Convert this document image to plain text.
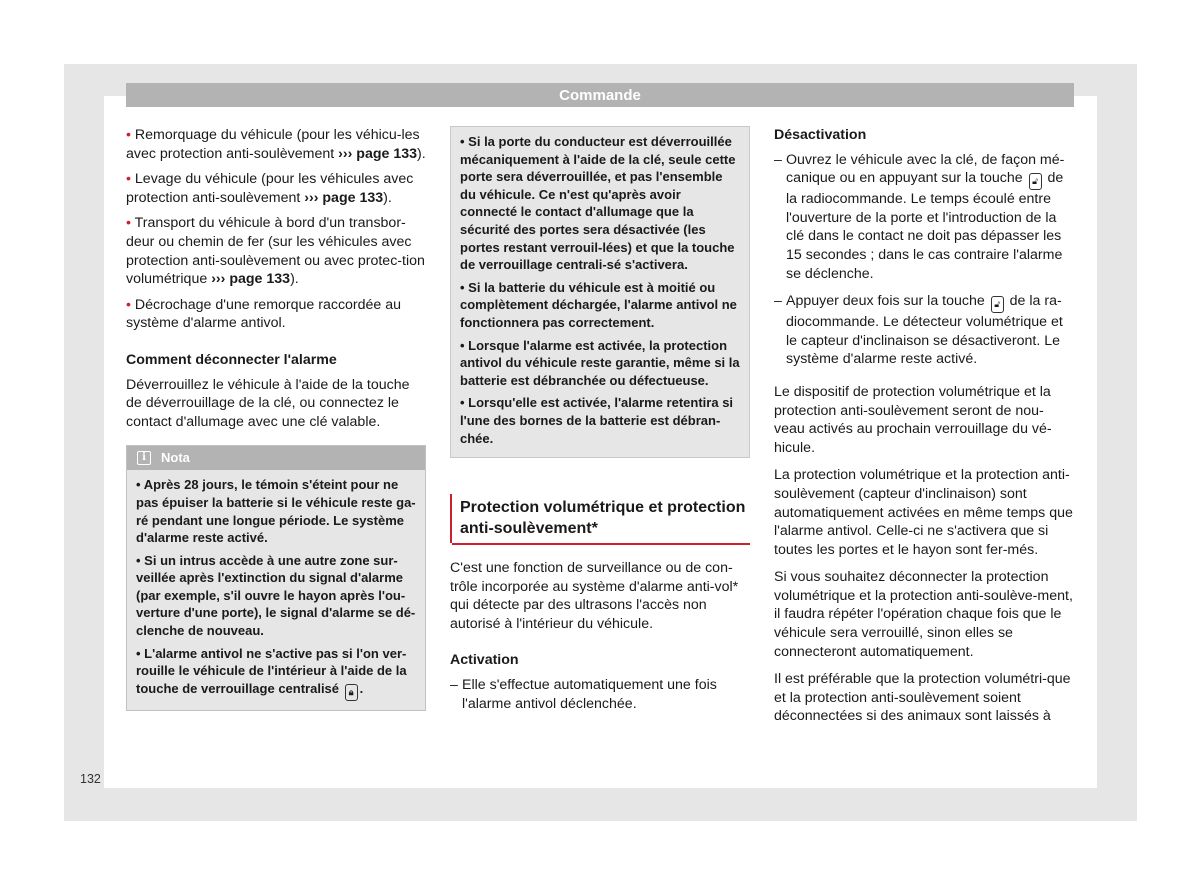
Commande

• Remorquage du véhicule (pour les véhicu-les avec protection anti-soulèvement ››› page 133).

• Levage du véhicule (pour les véhicules avec protection anti-soulèvement ››› page 133).

• Transport du véhicule à bord d'un transbor-deur ou chemin de fer (sur les véhicules avec protection anti-soulèvement ou avec protec-tion volumétrique ››› page 133).

• Décrochage d'une remorque raccordée au système d'alarme antivol.

Comment déconnecter l'alarme

Déverrouillez le véhicule à l'aide de la touche de déverrouillage de la clé, ou connectez le contact d'allumage avec une clé valable.

i	Nota

• Après 28 jours, le témoin s'éteint pour ne pas épuiser la batterie si le véhicule reste ga-ré pendant une longue période. Le système d'alarme reste activé.

• Si un intrus accède à une autre zone sur-veillée après l'extinction du signal d'alarme (par exemple, s'il ouvre le hayon après l'ou-verture d'une porte), le signal d'alarme se dé-clenche de nouveau.

• L'alarme antivol ne s'active pas si l'on ver-rouille le véhicule de l'intérieur à l'aide de la touche de verrouillage centralisé 🔒︎ .

• Si la porte du conducteur est déverrouillée mécaniquement à l'aide de la clé, seule cette porte sera déverrouillée, et pas l'ensemble du véhicule. Ce n'est qu'après avoir connecté le contact d'allumage que la sécurité des portes sera désactivée (les portes restant verrouil-lées) et que la touche de verrouillage centrali-sé s'activera.

• Si la batterie du véhicule est à moitié ou complètement déchargée, l'alarme antivol ne fonctionnera pas correctement.

• Lorsque l'alarme est activée, la protection antivol du véhicule reste garantie, même si la batterie est débranchée ou défectueuse.

• Lorsqu'elle est activée, l'alarme retentira si l'une des bornes de la batterie est débran-chée.

Protection volumétrique et protection anti-soulèvement*

C'est une fonction de surveillance ou de con-trôle incorporée au système d'alarme anti-vol* qui détecte par des ultrasons l'accès non autorisé à l'intérieur du véhicule.

Activation
– Elle s'effectue automatiquement une fois l'alarme antivol déclenchée.
Désactivation
– Ouvrez le véhicule avec la clé, de façon mé-canique ou en appuyant sur la touche 🔓︎ de la radiocommande. Le temps écoulé entre l'ouverture de la porte et l'introduction de la clé dans le contact ne doit pas dépasser les 15 secondes ; dans le cas contraire l'alarme se déclenche.
– Appuyer deux fois sur la touche 🔓︎ de la ra-diocommande. Le détecteur volumétrique et le capteur d'inclinaison se désactiveront. Le système d'alarme reste activé.

Le dispositif de protection volumétrique et la protection anti-soulèvement seront de nou-veau activés au prochain verrouillage du vé-hicule.

La protection volumétrique et la protection anti-soulèvement (capteur d'inclinaison) sont automatiquement activées en même temps que l'alarme antivol. Celle-ci ne s'activera que si toutes les portes et le hayon sont fer-més.

Si vous souhaitez déconnecter la protection volumétrique et la protection anti-soulève-ment, il faudra répéter l'opération chaque fois que le véhicule sera verrouillé, sinon elles se connecteront automatiquement.

Il est préférable que la protection volumétri-que et la protection anti-soulèvement soient déconnectées si des animaux sont laissés à

132
